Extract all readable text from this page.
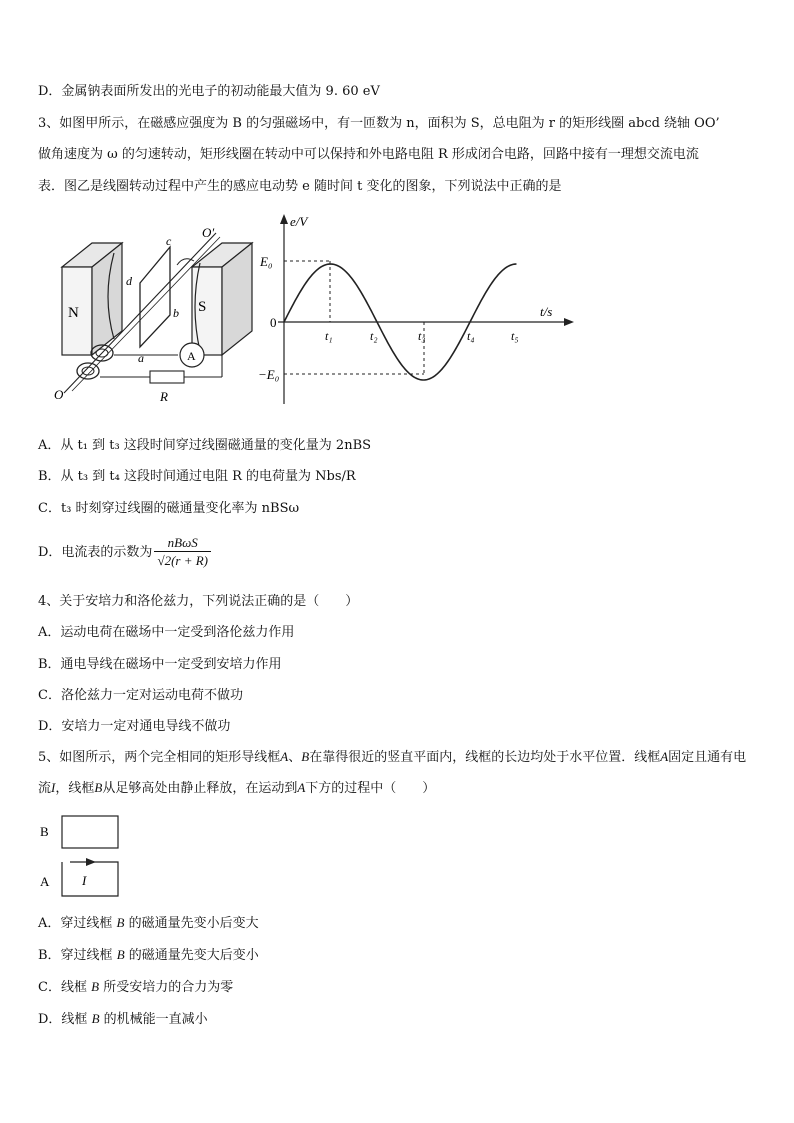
D．金属钠表面所发出的光电子的初动能最大值为 9. 60 eV
3、如图甲所示，在磁感应强度为 B 的匀强磁场中，有一匝数为 n，面积为 S，总电阻为 r 的矩形线圈 abcd 绕轴 OO’
做角速度为 ω 的匀速转动，矩形线圈在转动中可以保持和外电路电阻 R 形成闭合电路，回路中接有一理想交流电流
表．图乙是线圈转动过程中产生的感应电动势 e 随时间 t 变化的图象，下列说法中正确的是
N	S
d
c
b
a
O′
O
A
R
e/V
t/s
E₀
−E₀
0
t₁	t₂	t₃	t₄	t₅
A．从 t₁ 到 t₃ 这段时间穿过线圈磁通量的变化量为 2nBS
B．从 t₃ 到 t₄ 这段时间通过电阻 R 的电荷量为 Nbs/R
C．t₃ 时刻穿过线圈的磁通量变化率为 nBSω
D．电流表的示数为 $\frac{\text{nBωS}}{√2(r + R)}$
4、关于安培力和洛伦兹力，下列说法正确的是（　　）
A．运动电荷在磁场中一定受到洛伦兹力作用
B．通电导线在磁场中一定受到安培力作用
C．洛伦兹力一定对运动电荷不做功
D．安培力一定对通电导线不做功
5、如图所示，两个完全相同的矩形导线框A、B在靠得很近的竖直平面内，线框的长边均处于水平位置．线框A固定且通有电流I，线框B从足够高处由静止释放，在运动到A下方的过程中（　　）
B
A	I
A．穿过线框 B 的磁通量先变小后变大
B．穿过线框 B 的磁通量先变大后变小
C．线框 B 所受安培力的合力为零
D．线框 B 的机械能一直减小
